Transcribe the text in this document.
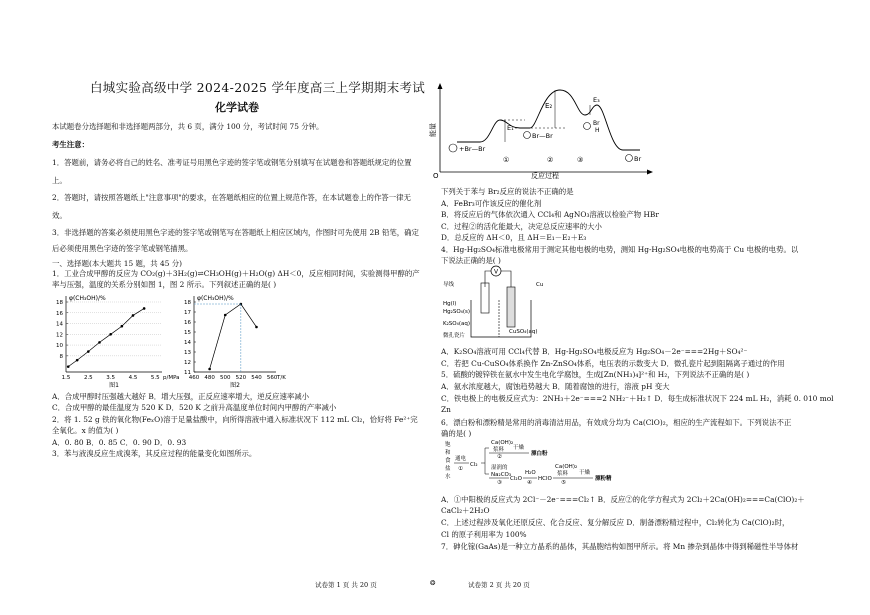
白城实验高级中学 2024-2025 学年度高三上学期期末考试
化学试卷
本试题卷分选择题和非选择题两部分，共 6 页，满分 100 分，考试时间 75 分钟。
考生注意：
1．答题前，请务必将自己的姓名、准考证号用黑色字迹的签字笔或钢笔分别填写在试题卷和答题纸规定的位置
上。
2．答题时，请按照答题纸上"注意事项"的要求，在答题纸相应的位置上规范作答，在本试题卷上的作答一律无
效。
3．非选择题的答案必须使用黑色字迹的签字笔或钢笔写在答题纸上相应区域内，作图时可先使用 2B 铅笔，确定
后必须使用黑色字迹的签字笔或钢笔描黑。
一、选择题(本大题共 15 题，共 45 分)
1．工业合成甲醇的反应为 CO₂(g)＋3H₂(g)⇌CH₃OH(g)＋H₂O(g) ΔH＜0，反应相同时间，实验测得甲醇的产
率与压强，温度的关系分别如图 1，图 2 所示。下列叙述正确的是( )
φ(CH₃OH)/%
8
10
12
14
16
18
1.5 2.5 3.5 4.5 5.5 p/MPa
图1
φ(CH₃OH)/%
11
12
13
14
15
16
17
18
460 480 500 520 540 560 T/K
图2
A．合成甲醇时压强越大越好 B．增大压强，正反应速率增大，逆反应速率减小
C．合成甲醇的最佳温度为 520 K D．520 K 之前升高温度单位时间内甲醇的产率减小
2．将 1. 52 g 铁的氧化物(FeₓO)溶于足量盐酸中，向所得溶液中通入标准状况下 112 mL Cl₂，恰好将 Fe²⁺完
全氧化。x 的值为( )
A．0. 80 B．0. 85 C．0. 90 D．0. 93
3．苯与液溴反应生成溴苯，其反应过程的能量变化如图所示。
能量
O	反应过程
E₂
E₁
E₃
①	②	③
+Br—Br
Br—Br
Br
H
Br
下列关于苯与 Br₂反应的说法不正确的是
A．FeBr₃可作该反应的催化剂
B．将反应后的气体依次通入 CCl₄和 AgNO₃溶液以检验产物 HBr
C．过程②的活化能最大，决定总反应速率的大小
D．总反应的 ΔH＜0，且 ΔH＝E₁－E₂＋E₃
4．Hg-Hg₂SO₄标准电极常用于测定其他电极的电势，测知 Hg-Hg₂SO₄电极的电势高于 Cu 电极的电势。以
下说法正确的是( )
V
导线	Cu
Hg(l)
Hg₂SO₄(s)
K₂SO₄(aq)
CuSO₄(aq)
微孔瓷片
A．K₂SO₄溶液可用 CCl₄代替 B．Hg-Hg₂SO₄电极反应为 Hg₂SO₄－2e⁻===2Hg＋SO₄²⁻
C．若把 Cu-CuSO₄体系换作 Zn-ZnSO₄体系，电压表的示数变大 D．微孔瓷片起到阻隔离子通过的作用
5．硫酸的镀锌铁在氨水中发生电化学腐蚀，生成[Zn(NH₃)₄]²⁺和 H₂，下列说法不正确的是( )
A．氨水浓度越大，腐蚀趋势越大 B．随着腐蚀的进行，溶液 pH 变大
C．铁电极上的电极反应式为：2NH₃＋2e⁻===2 NH₂⁻＋H₂↑ D．每生成标准状况下 224 mL H₂，消耗 0. 010 mol
Zn
6．漂白粉和漂粉精是常用的消毒清洁用品，有效成分均为 Ca(ClO)₂，相应的生产流程如下。下列说法不正
确的是( )
饱
和
食
盐
水
通电
①
Cl₂
Ca(OH)₂
浆料
②
干燥
漂白粉
湿润的
Na₂CO₃
③
Cl₂O
H₂O
④
HClO
Ca(OH)₂
浆料
⑤
干燥
漂粉精
A．①中阳极的反应式为 2Cl⁻－2e⁻===Cl₂↑ B．反应②的化学方程式为 2Cl₂＋2Ca(OH)₂===Ca(ClO)₂＋
CaCl₂＋2H₂O
C．上述过程涉及氧化还原反应、化合反应、复分解反应 D．制备漂粉精过程中，Cl₂转化为 Ca(ClO)₂时，
Cl 的原子利用率为 100%
7．砷化镓(GaAs)是一种立方晶系的晶体，其晶胞结构如图甲所示。将 Mn 掺杂到晶体中得到稀磁性半导体材
试卷第 1 页 共 20 页	❂	试卷第 2 页 共 20 页
